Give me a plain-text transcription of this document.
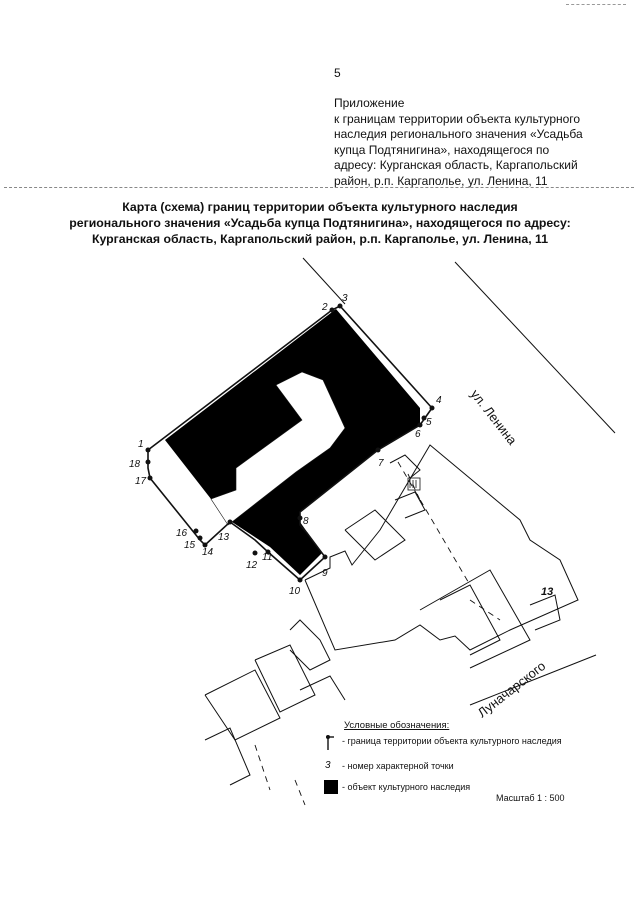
5
Приложение
к границам территории объекта культурного
наследия регионального значения «Усадьба
купца Подтянигина», находящегося по
адресу: Курганская область, Каргапольский
район, р.п. Каргаполье, ул. Ленина, 11
Карта (схема) границ территории объекта культурного наследия
регионального значения «Усадьба купца Подтянигина», находящегося по адресу:
Курганская область, Каргапольский район, р.п. Каргаполье, ул. Ленина, 11
1
2
3
4
5
6
7
8
9
10
11
12
13
14
15
16
17
18
ул. Ленина
Луначарского
13
Условные обозначения:
- граница территории объекта культурного наследия
3	- номер характерной точки
- объект культурного наследия
Масштаб 1 : 500
